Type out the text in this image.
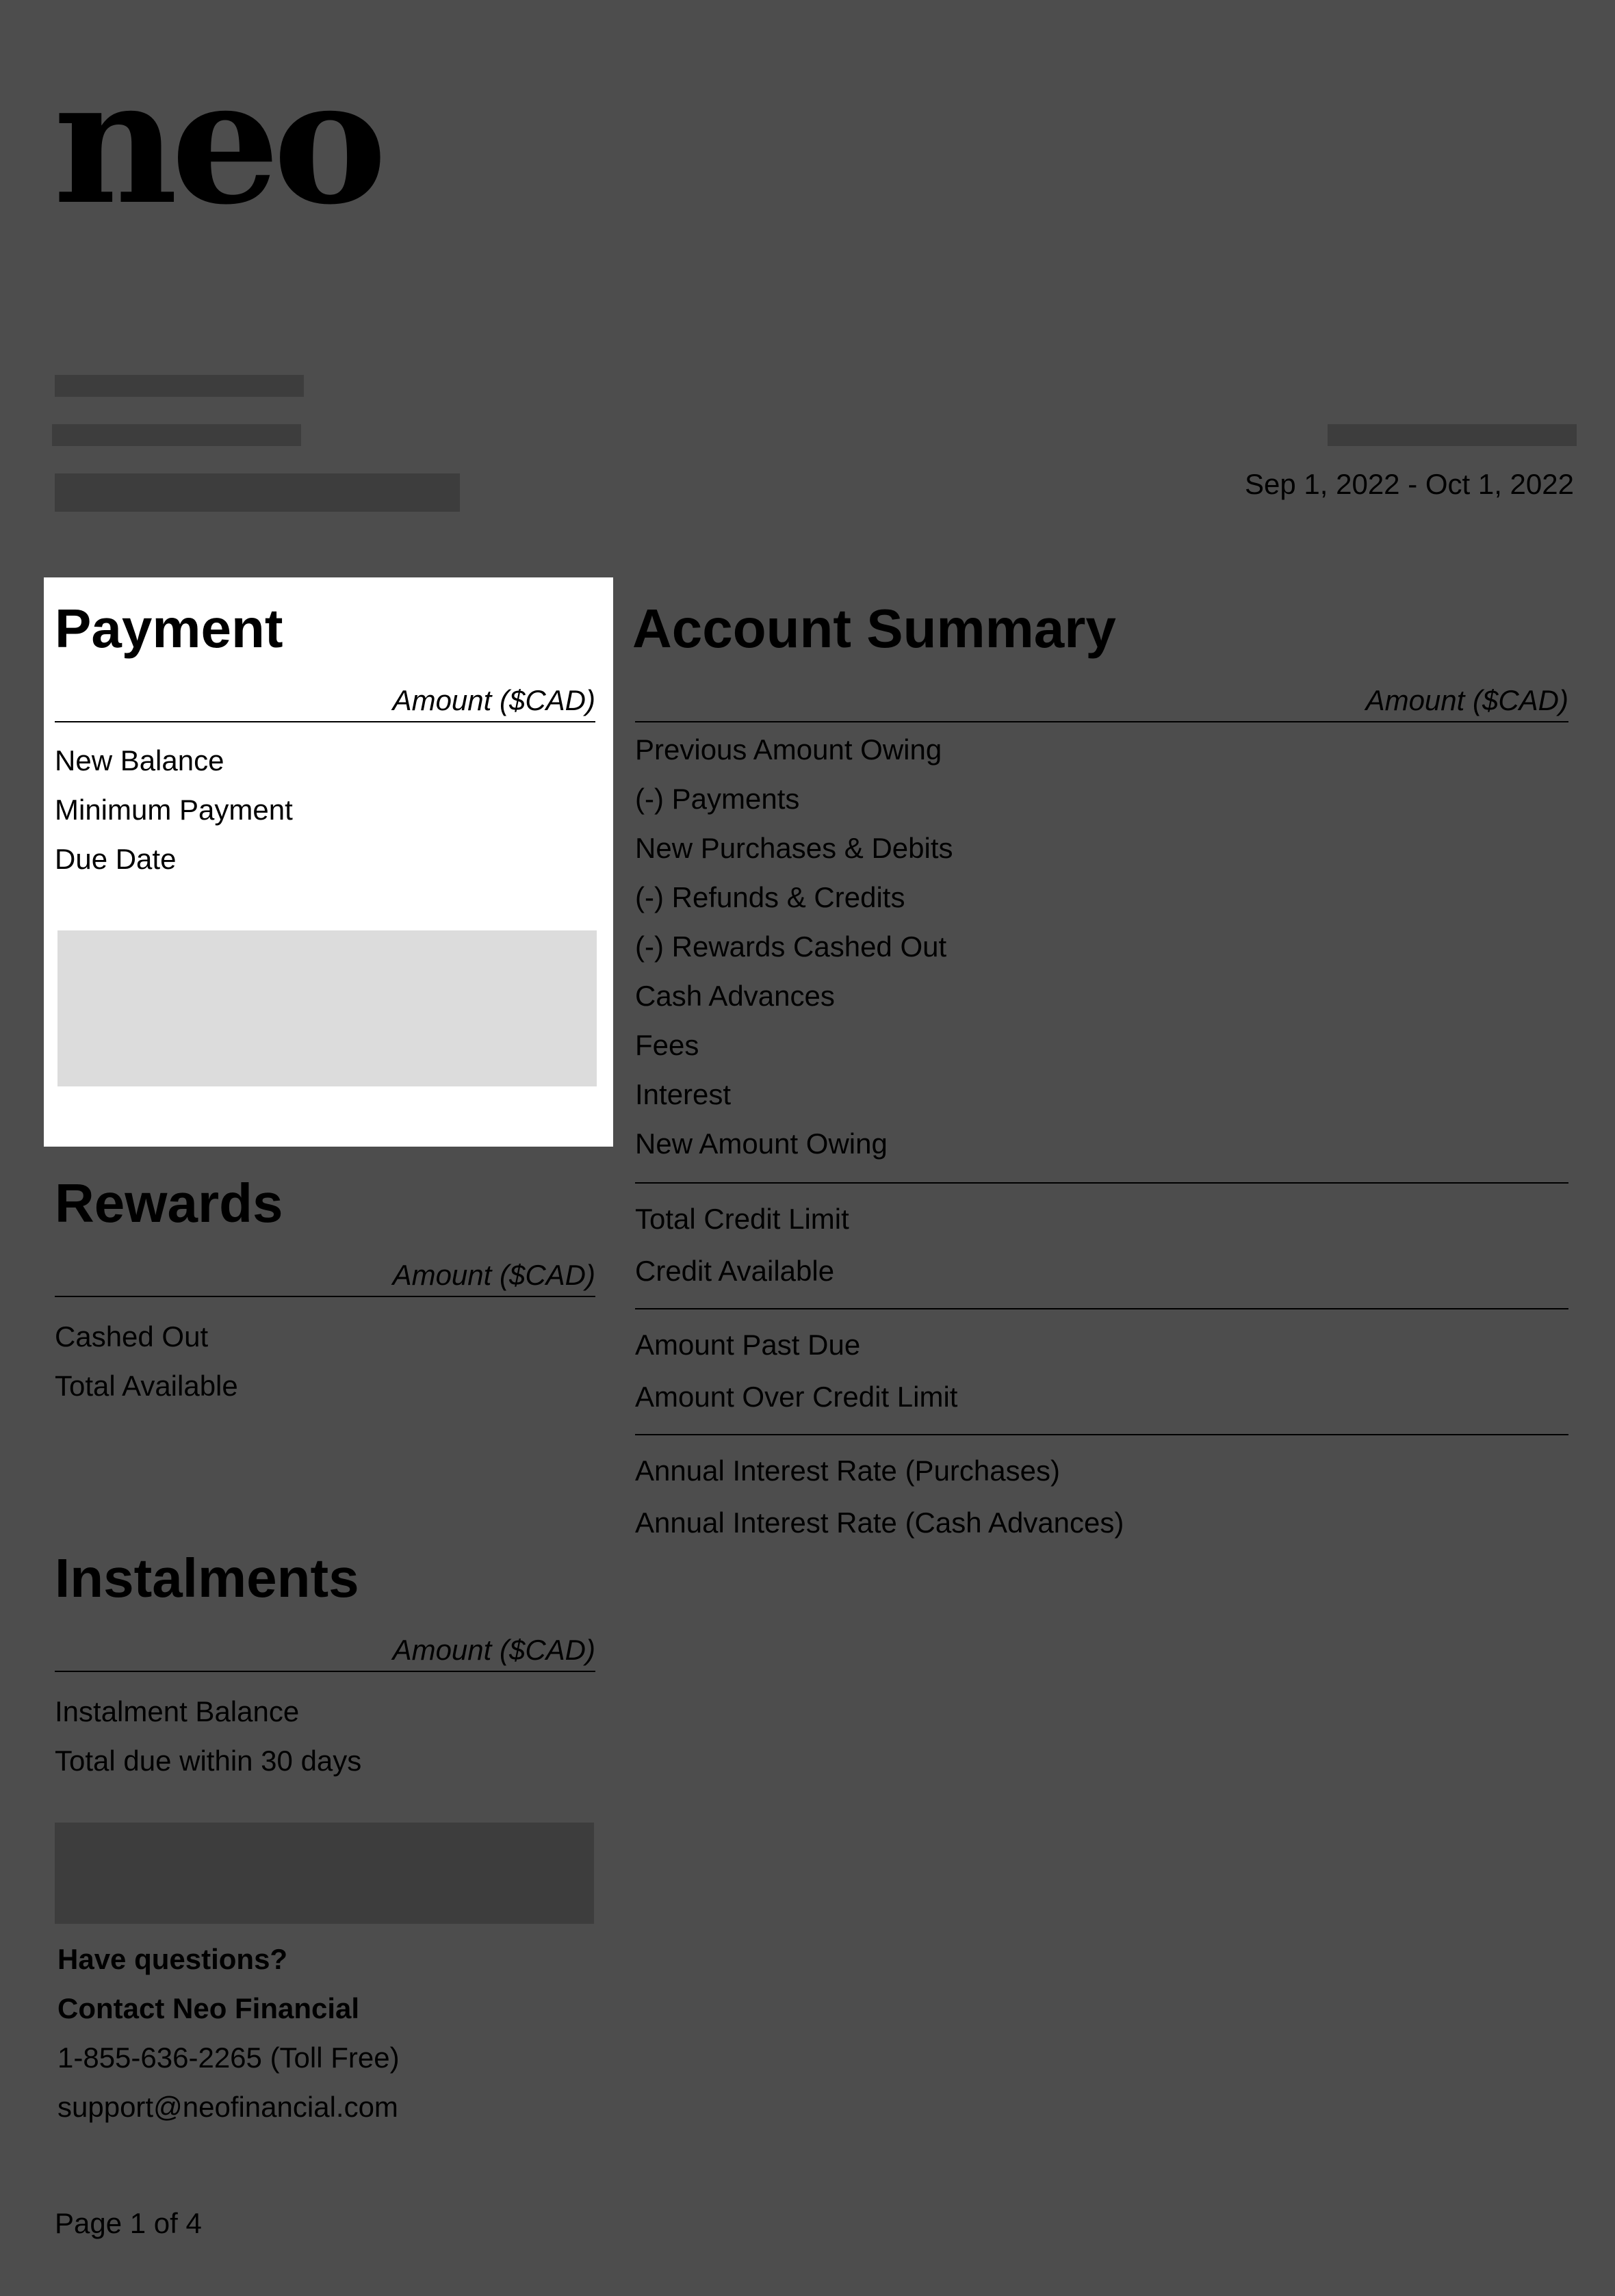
neo
Sep 1, 2022 - Oct 1, 2022
Payment
Amount ($CAD)
New Balance
Minimum Payment
Due Date
Account Summary
Amount ($CAD)
Previous Amount Owing
(-) Payments
New Purchases & Debits
(-) Refunds & Credits
(-) Rewards Cashed Out
Cash Advances
Fees
Interest
New Amount Owing
Total Credit Limit
Credit Available
Amount Past Due
Amount Over Credit Limit
Annual Interest Rate (Purchases)
Annual Interest Rate (Cash Advances)
Rewards
Amount ($CAD)
Cashed Out
Total Available
Instalments
Amount ($CAD)
Instalment Balance
Total due within 30 days
Have questions?
Contact Neo Financial
1-855-636-2265 (Toll Free)
support@neofinancial.com
Page 1 of 4
